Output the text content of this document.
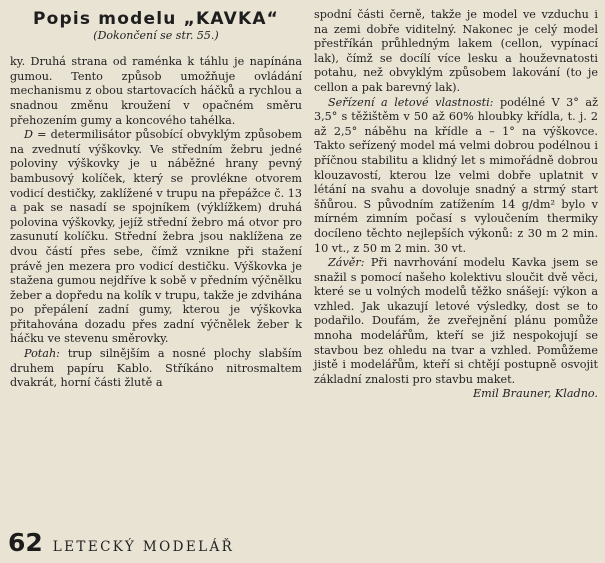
Popis modelu „KAVKA“
(Dokončení se str. 55.)

ky. Druhá strana od raménka k táhlu je napínána gumou. Tento způsob umožňuje ovládání mechanismu z obou startovacích háčků a rychlou a snadnou změnu kroužení v opačném směru přehozením gumy a koncového tahélka.

D = determilisátor působící obvyklým způsobem na zvednutí výškovky. Ve středním žebru jedné poloviny výškovky je u náběžné hrany pevný bambusový kolíček, který se provléknе otvorem vodicí destičky, zaklížené v trupu na přepážce č. 13 a pak se nasadí se spojníkem (výklížkem) druhá polovina výškovky, jejíž střední žebro má otvor pro zasunutí kolíčku. Střední žebra jsou naklížena ze dvou částí přes sebe, čímž vznikne při stažení právě jen mezera pro vodicí destičku. Výškovka je stažena gumou nejdříve k sobě v předním výčnělku žeber a dopředu na kolík v trupu, takže je zdvihána po přepálení zadní gumy, kterou je výškovka přitahována dozadu přes zadní výčnělek žeber k háčku ve stevenu směrovky.

Potah: trup silnějším a nosné plochy slabším druhem papíru Kablo. Stříkáno nitrosmaltem dvakrát, horní části žlutě a

spodní části černě, takže je model ve vzduchu i na zemi dobře viditelný. Nakonec je celý model přestříkán průhledným lakem (cellon, vypínací lak), čímž se docílí více lesku a houževnatosti potahu, než obvyklým způsobem lakování (to je cellon a pak barevný lak).

Seřízení a letové vlastnosti: podélné V 3° až 3,5° s těžištěm v 50 až 60% hloubky křídla, t. j. 2 až 2,5° náběhu na křídle a – 1° na výškovce. Takto seřízený model má velmi dobrou podélnou i příčnou stabilitu a klidný let s mimořádně dobrou klouzavostí, kterou lze velmi dobře uplatnit v létání na svahu a dovoluje snadný a strmý start šňůrou. S původním zatížením 14 g/dm² bylo v mírném zimním počasí s vyloučením thermiky docíleno těchto nejlepších výkonů: z 30 m 2 min. 10 vt., z 50 m 2 min. 30 vt.

Závěr: Při navrhování modelu Kavka jsem se snažil s pomocí našeho kolektivu sloučit dvě věci, které se u volných modelů těžko snášejí: výkon a vzhled. Jak ukazují letové výsledky, dost se to podařilo. Doufám, že zveřejnění plánu pomůže mnoha modelářům, kteří se již nespokojují se stavbou bez ohledu na tvar a vzhled. Pomůžeme jistě i modelářům, kteří si chtějí postupně osvojit základní znalosti pro stavbu maket.

Emil Brauner, Kladno.

62 LETECKÝ MODELÁŘ
